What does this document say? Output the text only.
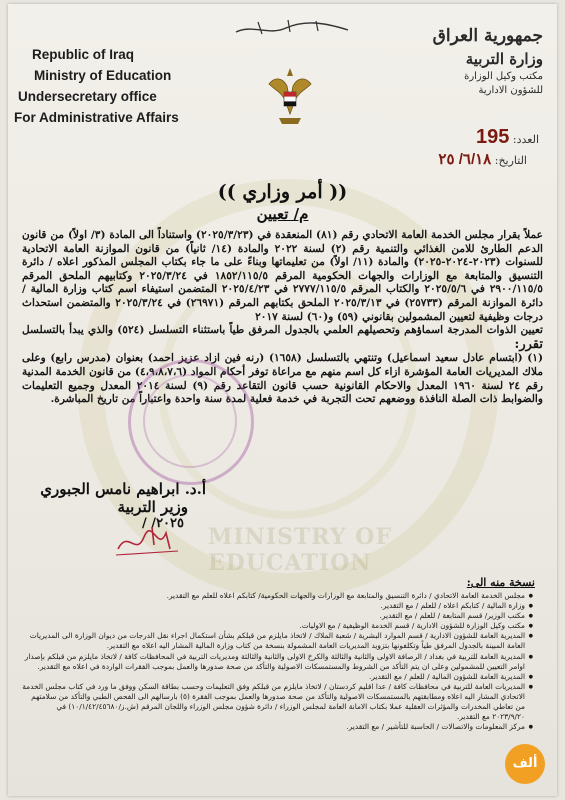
MINISTRY OF EDUCATION
Republic of Iraq
Ministry of Education
Undersecretary office
For Administrative Affairs
جمهورية العراق
وزارة التربية
مكتب وكيل الوزارة
للشؤون الادارية
العدد: 195
التاريخ: ٦/١٨/ ٢٥
(( أمر وزاري ))
م/ تعيين

عملاً بقرار مجلس الخدمة العامة الاتحادي رقم (٨١) المنعقدة في (٢٠٢٥/٣/٢٣) واستناداً الى المادة (٣/ اولاً) من قانون الدعم الطارئ للامن الغذائي والتنمية رقم (٢) لسنة ٢٠٢٢ والمادة (١٤/ ثانياً) من قانون الموازنة العامة الاتحادية للسنوات (٢٠٢٣-٢٠٢٤-٢٠٢٥) والمادة (١١/ اولاً) من تعليماتها وبناءً على ما جاء بكتاب المجلس المذكور اعلاه / دائرة التنسيق والمتابعة مع الوزارات والجهات الحكومية المرقم ١٨٥٢/١١٥/٥ في ٢٠٢٥/٣/٢٤ وكتابيهم الملحق المرقم ٢٩٠٠/١١٥/٥ في ٢٠٢٥/٥/٦ والكتاب المرقم ٢٧٧٧/١١٥/٥ في ٢٠٢٥/٤/٢٣ المتضمن استيفاء اسم كتاب وزارة المالية / دائرة الموازنة المرقم (٢٥٧٣٣) في ٢٠٢٥/٣/١٣ الملحق بكتابهم المرقم (٢٦٩٧١) في ٢٠٢٥/٣/٢٤ والمتضمن استحداث درجات وظيفية لتعيين المشمولين بقانوني (٥٩) و(٦٠) لسنة ٢٠١٧

تعيين الذوات المدرجة اسماؤهم وتحصيلهم العلمي بالجدول المرفق طياً باستثناء التسلسل (٥٢٤) والذي يبدأ بالتسلسل تقرر:

(١) (ابتسام عادل سعيد اسماعيل) وتنتهي بالتسلسل (١٦٥٨) (رنه فين ازاد عزيز احمد) بعنوان (مدرس رابع) وعلى ملاك المديريات العامة المؤشرة ازاء كل اسم منهم مع مراعاة توفر أحكام المواد (٤،٩،٨،٧،٦) من قانون الخدمة المدنية رقم ٢٤ لسنة ١٩٦٠ المعدل والاحكام القانونية حسب قانون التقاعد رقم (٩) لسنة ٢٠١٤ المعدل وجميع التعليمات والضوابط ذات الصلة النافذة ووضعهم تحت التجربة في خدمة فعلية لمدة سنة واحدة واعتباراً من تاريخ المباشرة.

أ.د. ابراهيم نامس الجبوري
وزير التربية
٢٠٢٥/ /
نسخة منه الى:
● مجلس الخدمة العامة الاتحادي / دائرة التنسيق والمتابعة مع الوزارات والجهات الحكومية/ كتابكم اعلاه للعلم مع التقدير.
● وزارة المالية / كتابكم اعلاه / للعلم / مع التقدير.
● مكتب الوزير/ قسم المتابعة / للعلم / مع التقدير.
● مكتب وكيل الوزارة للشؤون الادارية / قسم الخدمة الوظيفية / مع الاوليات.
● المديرية العامة للشؤون الادارية / قسم الموارد البشرية / شعبة الملاك / لاتخاذ مايلزم من قبلكم بشأن استكمال اجراء نقل الدرجات من ديوان الوزارة الى المديريات العامة المبينة بالجدول المرفق طياً وتكلفونها بتزويد المديريات العامة المشمولة بنسخة من كتاب وزارة المالية المشار اليه اعلاه مع التقدير.
● المديرية العامة للتربية في بغداد / الرصافة الاولى والثانية والثالثة والكرخ الاولى والثانية والثالثة ومديريات التربية في المحافظات كافة / لاتخاذ مايلزم من قبلكم بإصدار اوامر التعيين للمشمولين وعلى ان يتم التأكد من الشروط والمستمسكات الاصولية والتأكد من صحة صدورها والعمل بموجب الفقرات الواردة في اعلاه مع التقدير.
● المديرية العامة للشؤون المالية / للعلم / مع التقدير.
● المديريات العامة للتربية في محافظات كافة / عدا اقليم كردستان / لاتخاذ مايلزم من قبلكم وفق التعليمات وحسب بطاقة السكن ووفق ما ورد في كتاب مجلس الخدمة الاتحادي المشار اليه اعلاه ومطابقتهم بالمستمسكات الاصولية والتأكد من صحة صدورها والعمل بموجب الفقرة (٥) بارسالهم الى الفحص الطبي والتأكد من سلامتهم من تعاطي المخدرات والمؤثرات العقلية عملا بكتاب الامانة العامة لمجلس الوزراء / دائرة شؤون مجلس الوزراء واللجان المرقم (ش.ز/١٠/١/٤٢/٤٥٦٨٠) في ٢٠٢٣/٩/٢٠ مع التقدير.
● مركز المعلومات والاتصالات / الحاسبة للتأشير / مع التقدير.
ألف
